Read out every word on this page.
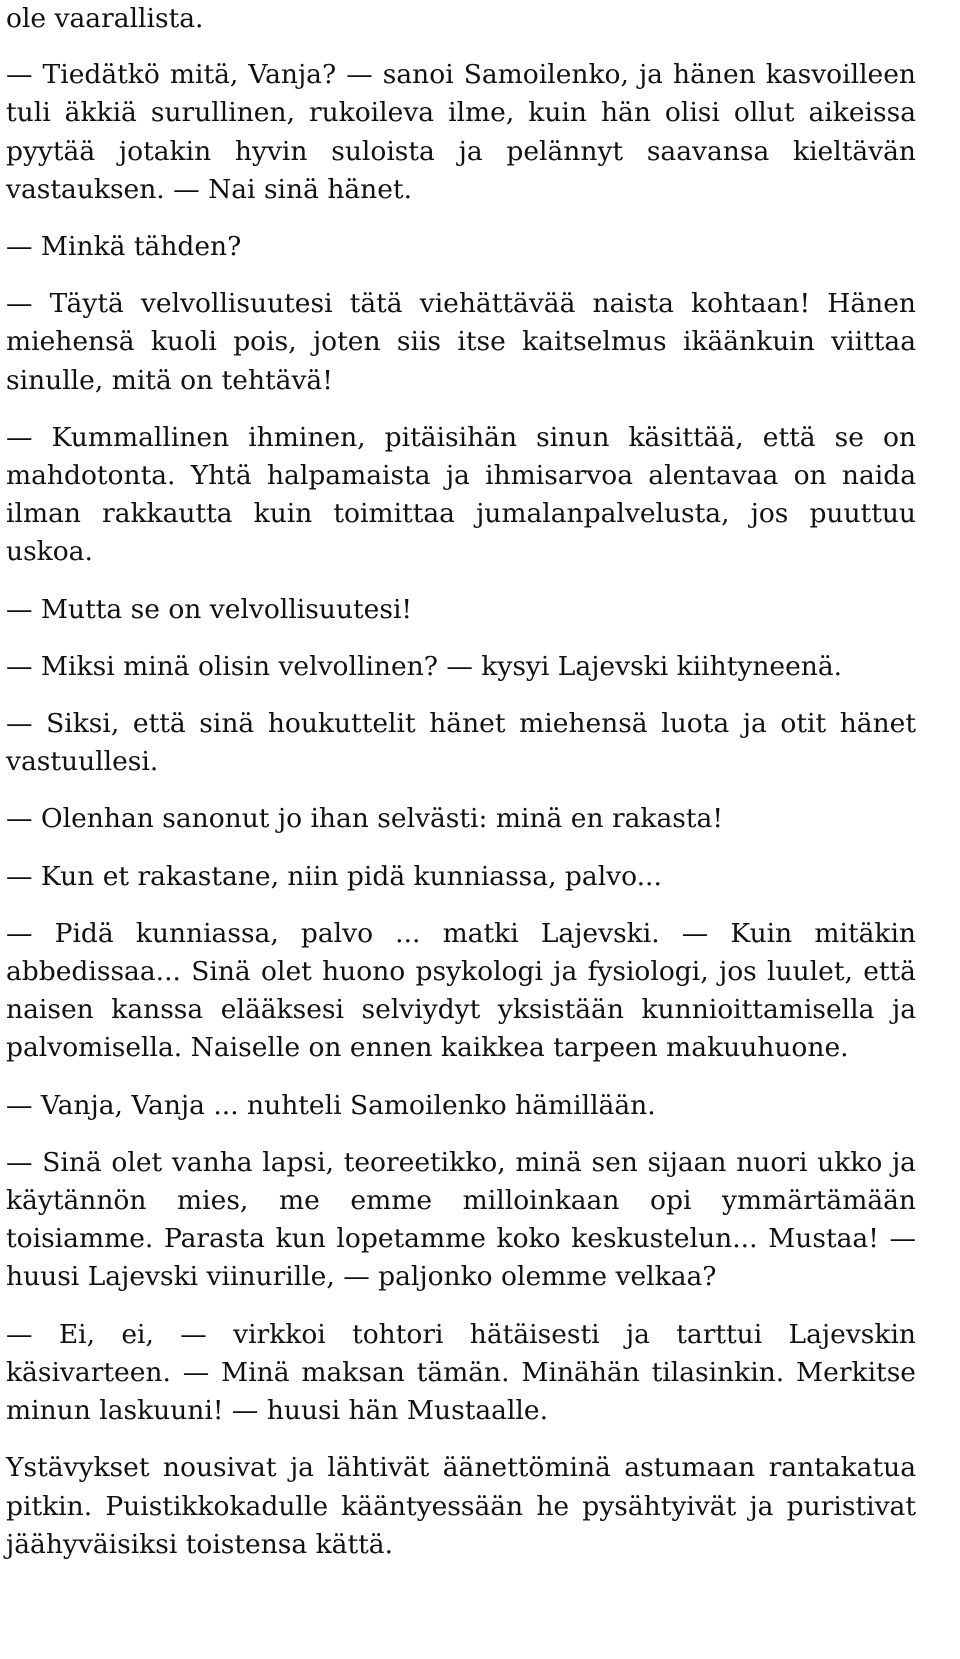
ole vaarallista.

— Tiedätkö mitä, Vanja? — sanoi Samoilenko, ja hänen kasvoilleen tuli äkkiä surullinen, rukoileva ilme, kuin hän olisi ollut aikeissa pyytää jotakin hyvin suloista ja pelännyt saavansa kieltävän vastauksen. — Nai sinä hänet.

— Minkä tähden?

— Täytä velvollisuutesi tätä viehättävää naista kohtaan! Hänen miehensä kuoli pois, joten siis itse kaitselmus ikäänkuin viittaa sinulle, mitä on tehtävä!

— Kummallinen ihminen, pitäisihän sinun käsittää, että se on mahdotonta. Yhtä halpamaista ja ihmisarvoa alentavaa on naida ilman rakkautta kuin toimittaa jumalanpalvelusta, jos puuttuu uskoa.

— Mutta se on velvollisuutesi!

— Miksi minä olisin velvollinen? — kysyi Lajevski kiihtyneenä.

— Siksi, että sinä houkuttelit hänet miehensä luota ja otit hänet vastuullesi.

— Olenhan sanonut jo ihan selvästi: minä en rakasta!

— Kun et rakastane, niin pidä kunniassa, palvo...

— Pidä kunniassa, palvo ... matki Lajevski. — Kuin mitäkin abbedissaa... Sinä olet huono psykologi ja fysiologi, jos luulet, että naisen kanssa elääksesi selviydyt yksistään kunnioittamisella ja palvomisella. Naiselle on ennen kaikkea tarpeen makuuhuone.

— Vanja, Vanja ... nuhteli Samoilenko hämillään.

— Sinä olet vanha lapsi, teoreetikko, minä sen sijaan nuori ukko ja käytännön mies, me emme milloinkaan opi ymmärtämään toisiamme. Parasta kun lopetamme koko keskustelun... Mustaa! — huusi Lajevski viinurille, — paljonko olemme velkaa?

— Ei, ei, — virkkoi tohtori hätäisesti ja tarttui Lajevskin käsivarteen. — Minä maksan tämän. Minähän tilasinkin. Merkitse minun laskuuni! — huusi hän Mustaalle.

Ystävykset nousivat ja lähtivät äänettöminä astumaan rantakatua pitkin. Puistikkokadulle kääntyessään he pysähtyivät ja puristivat jäähyväisiksi toistensa kättä.
